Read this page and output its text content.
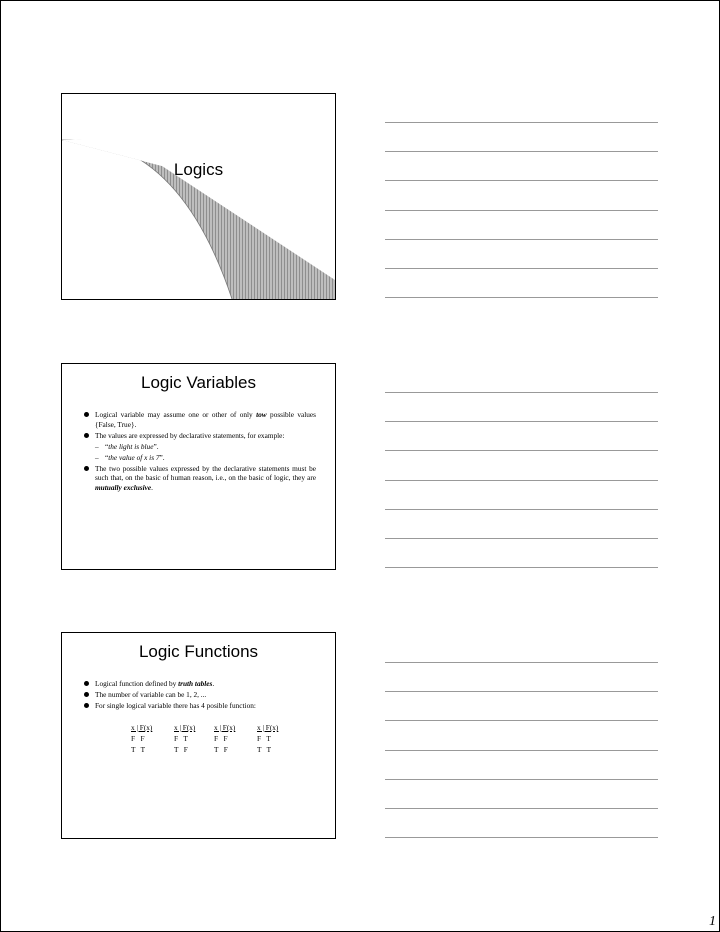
Logics
Logic Variables
Logical variable may assume one or other of only tow possible values {False, True}.
The values are expressed by declarative statements, for example:
– “the light is blue”.
– “the value of x is 7”.
The two possible values expressed by the declarative statements must be such that, on the basic of human reason, i.e., on the basic of logic, they are mutually exclusive.
Logic Functions
Logical function defined by truth tables.
The number of variable can be 1, 2, ...
For single logical variable there has 4 posible function:
x | F(x)
F   F
T   T
x | F(x)
F   T
T   F
x | F(x)
F   F
T   F
x | F(x)
F   T
T   T
1
